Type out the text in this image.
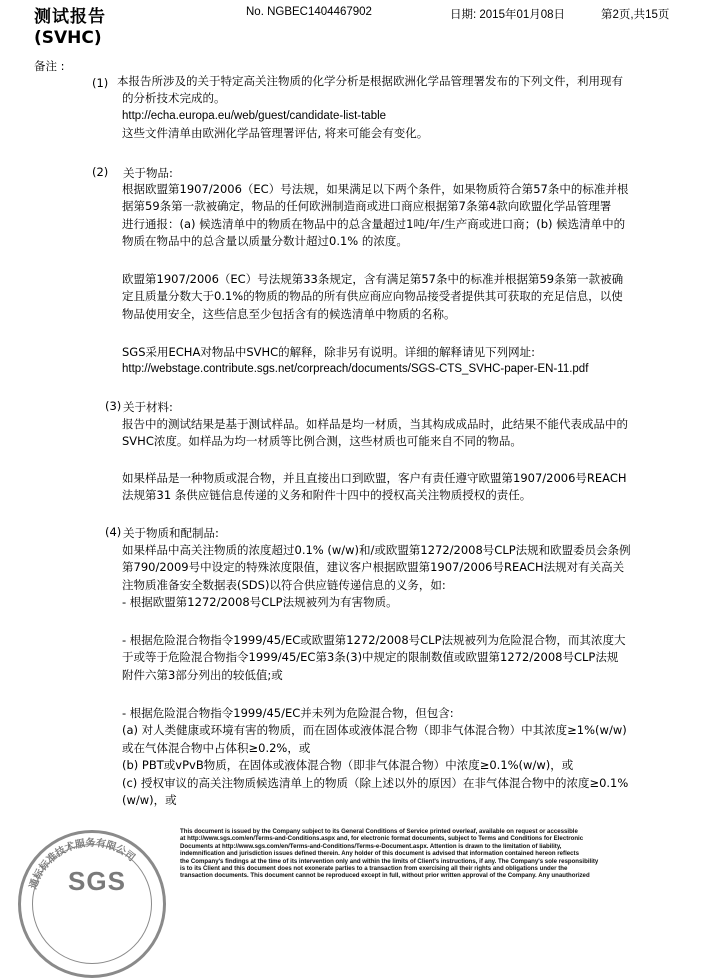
测试报告
(SVHC)
No. NGBEC1404467902	日期: 2015年01月08日	第2页,共15页
备注 :
(1) 本报告所涉及的关于特定高关注物质的化学分析是根据欧洲化学品管理署发布的下列文件，利用现有
的分析技术完成的。
http://echa.europa.eu/web/guest/candidate-list-table
这些文件清单由欧洲化学品管理署评估, 将来可能会有变化。
(2) 关于物品:
根据欧盟第1907/2006（EC）号法规，如果满足以下两个条件，如果物质符合第57条中的标准并根
据第59条第一款被确定，物品的任何欧洲制造商或进口商应根据第7条第4款向欧盟化学品管理署
进行通报：(a) 候选清单中的物质在物品中的总含量超过1吨/年/生产商或进口商；(b) 候选清单中的
物质在物品中的总含量以质量分数计超过0.1% 的浓度。
欧盟第1907/2006（EC）号法规第33条规定，含有满足第57条中的标准并根据第59条第一款被确
定且质量分数大于0.1%的物质的物品的所有供应商应向物品接受者提供其可获取的充足信息，以使
物品使用安全，这些信息至少包括含有的候选清单中物质的名称。
SGS采用ECHA对物品中SVHC的解释，除非另有说明。详细的解释请见下列网址:
http://webstage.contribute.sgs.net/corpreach/documents/SGS-CTS_SVHC-paper-EN-11.pdf
(3) 关于材料:
报告中的测试结果是基于测试样品。如样品是均一材质，当其构成成品时，此结果不能代表成品中的
SVHC浓度。如样品为均一材质等比例合测，这些材质也可能来自不同的物品。
如果样品是一种物质或混合物，并且直接出口到欧盟，客户有责任遵守欧盟第1907/2006号REACH
法规第31 条供应链信息传递的义务和附件十四中的授权高关注物质授权的责任。
(4) 关于物质和配制品:
如果样品中高关注物质的浓度超过0.1% (w/w)和/或欧盟第1272/2008号CLP法规和欧盟委员会条例
第790/2009号中设定的特殊浓度限值，建议客户根据欧盟第1907/2006号REACH法规对有关高关
注物质准备安全数据表(SDS)以符合供应链传递信息的义务，如:
- 根据欧盟第1272/2008号CLP法规被列为有害物质。
- 根据危险混合物指令1999/45/EC或欧盟第1272/2008号CLP法规被列为危险混合物，而其浓度大
于或等于危险混合物指令1999/45/EC第3条(3)中规定的限制数值或欧盟第1272/2008号CLP法规
附件六第3部分列出的较低值;或
- 根据危险混合物指令1999/45/EC并未列为危险混合物，但包含:
(a) 对人类健康或环境有害的物质，而在固体或液体混合物（即非气体混合物）中其浓度≥1%(w/w)
或在气体混合物中占体积≥0.2%，或
(b) PBT或vPvB物质，在固体或液体混合物（即非气体混合物）中浓度≥0.1%(w/w)，或
(c) 授权审议的高关注物质候选清单上的物质（除上述以外的原因）在非气体混合物中的浓度≥0.1%
(w/w)，或
通标标准技术服务有限公司
SGS
This document is issued by the Company subject to its General Conditions of Service printed overleaf, available on request or accessible
at http://www.sgs.com/en/Terms-and-Conditions.aspx and, for electronic format documents, subject to Terms and Conditions for Electronic
Documents at http://www.sgs.com/en/Terms-and-Conditions/Terms-e-Document.aspx. Attention is drawn to the limitation of liability,
indemnification and jurisdiction issues defined therein. Any holder of this document is advised that information contained hereon reflects
the Company's findings at the time of its intervention only and within the limits of Client's instructions, if any. The Company's sole responsibility
is to its Client and this document does not exonerate parties to a transaction from exercising all their rights and obligations under the
transaction documents. This document cannot be reproduced except in full, without prior written approval of the Company. Any unauthorized
